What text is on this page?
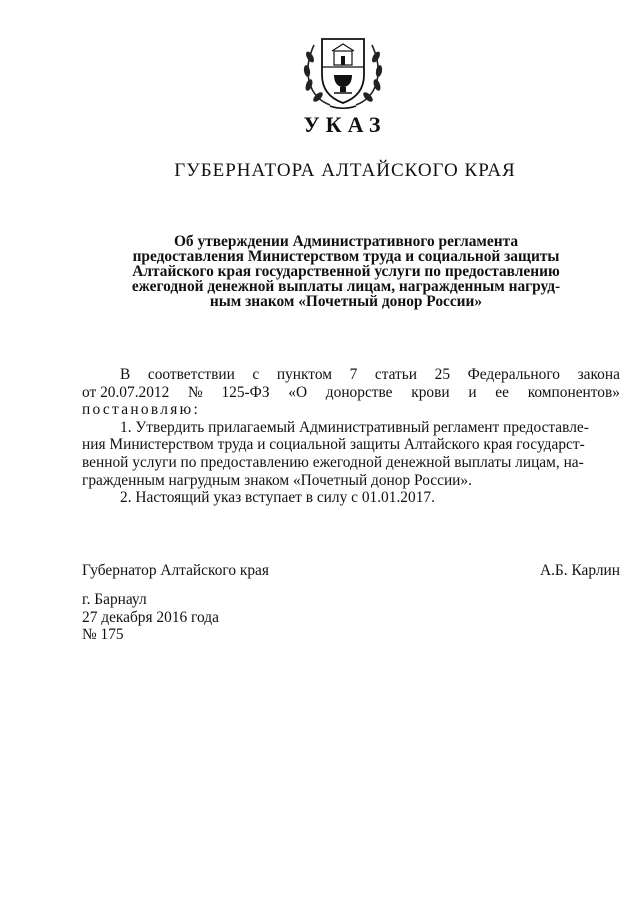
УКАЗ
ГУБЕРНАТОРА АЛТАЙСКОГО КРАЯ
Об утверждении Административного регламента
предоставления Министерством труда и социальной защиты
Алтайского края государственной услуги по предоставлению
ежегодной денежной выплаты лицам, награжденным нагруд-
ным знаком «Почетный донор России»
В соответствии с пунктом 7 статьи 25 Федерального закона
от 20.07.2012 № 125-ФЗ «О донорстве крови и ее компонентов»
постановляю:
1. Утвердить прилагаемый Административный регламент предоставле-
ния Министерством труда и социальной защиты Алтайского края государст-
венной услуги по предоставлению ежегодной денежной выплаты лицам, на-
гражденным нагрудным знаком «Почетный донор России».
2. Настоящий указ вступает в силу с 01.01.2017.
Губернатор Алтайского края	А.Б. Карлин
г. Барнаул
27 декабря 2016 года
№ 175
